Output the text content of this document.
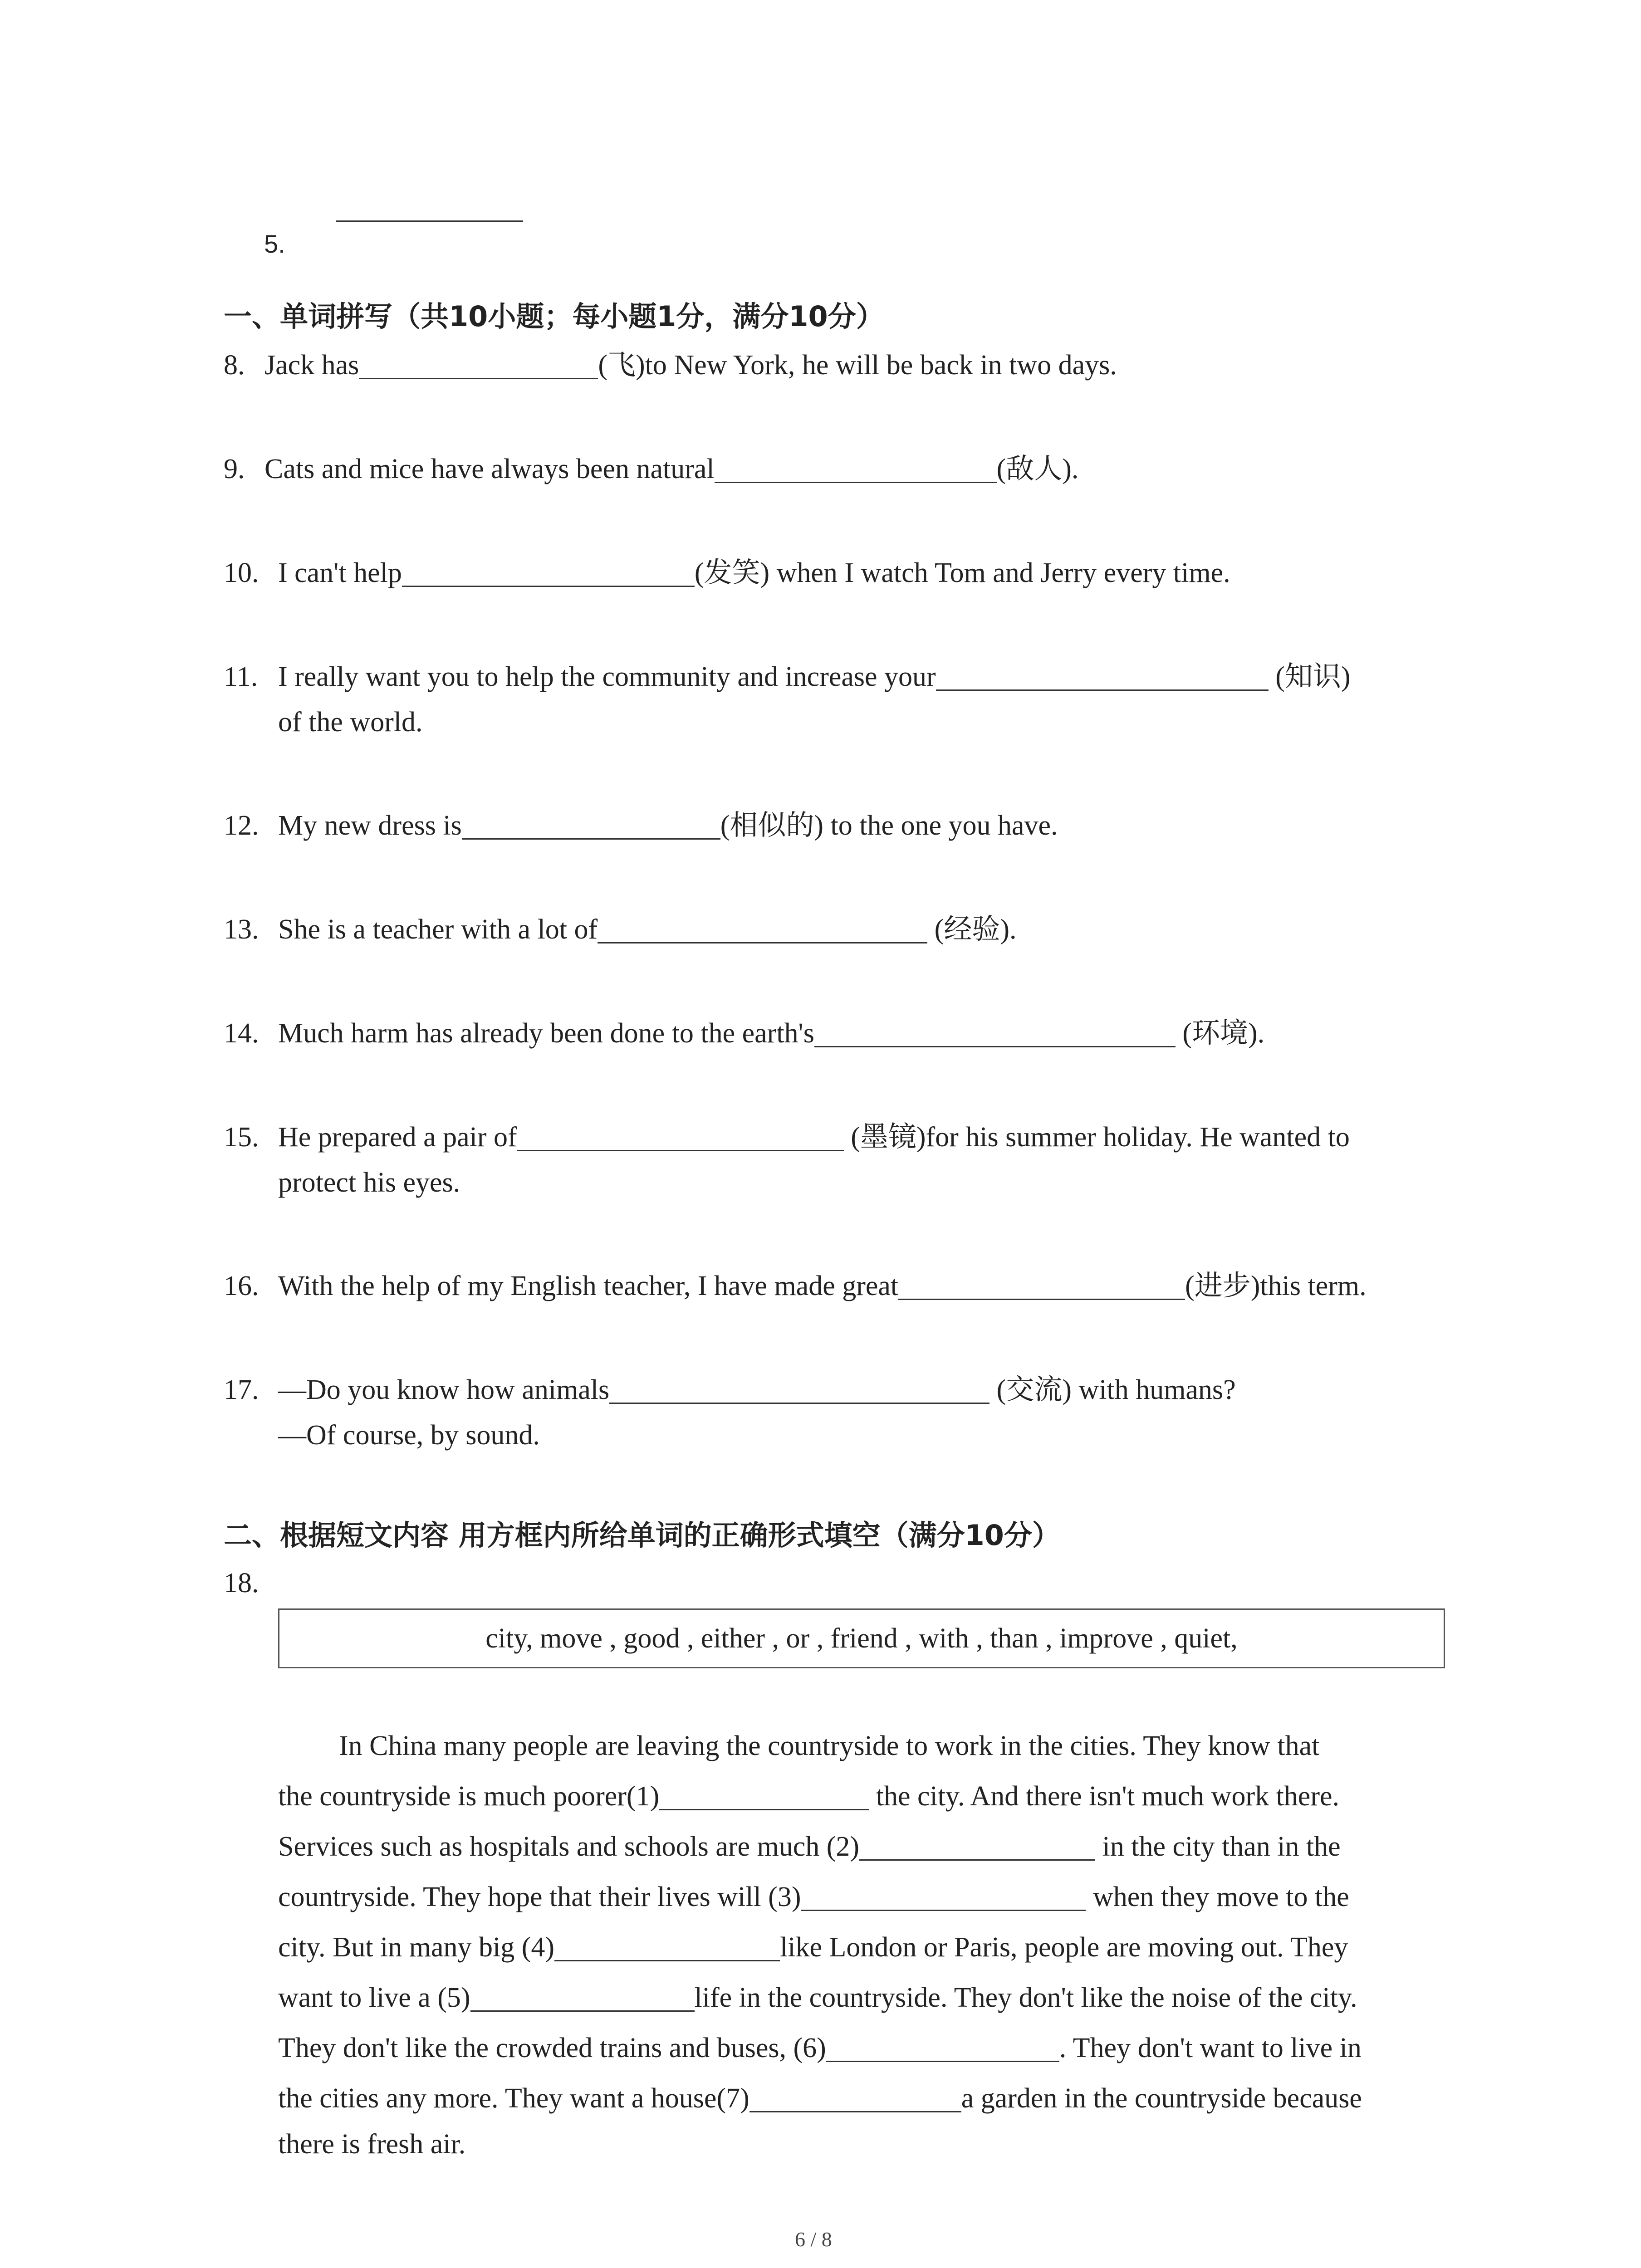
5.
一、单词拼写（共10小题；每小题1分，满分10分）
8. Jack has	(飞)to New York, he will be back in two days.
9. Cats and mice have always been natural	(敌人).
10. I can't help	(发笑) when I watch Tom and Jerry every time.
11. I really want you to help the community and increase your	(知识)
of the world.
12. My new dress is	(相似的) to the one you have.
13. She is a teacher with a lot of	(经验).
14. Much harm has already been done to the earth's	(环境).
15. He prepared a pair of	(墨镜)for his summer holiday. He wanted to
protect his eyes.
16. With the help of my English teacher, I have made great	(进步)this term.
17. —Do you know how animals	(交流) with humans?
—Of course, by sound.
二、根据短文内容 用方框内所给单词的正确形式填空（满分10分）
18.
city, move , good , either , or , friend , with , than , improve , quiet,
In China many people are leaving the countryside to work in the cities. They know that
the countryside is much poorer(1)	the city. And there isn't much work there.
Services such as hospitals and schools are much (2)	in the city than in the
countryside. They hope that their lives will (3)	when they move to the
city. But in many big (4)	like London or Paris, people are moving out. They
want to live a (5)	life in the countryside. They don't like the noise of the city.
They don't like the crowded trains and buses, (6)	. They don't want to live in
the cities any more. They want a house(7)	a garden in the countryside because
there is fresh air.
6 / 8
